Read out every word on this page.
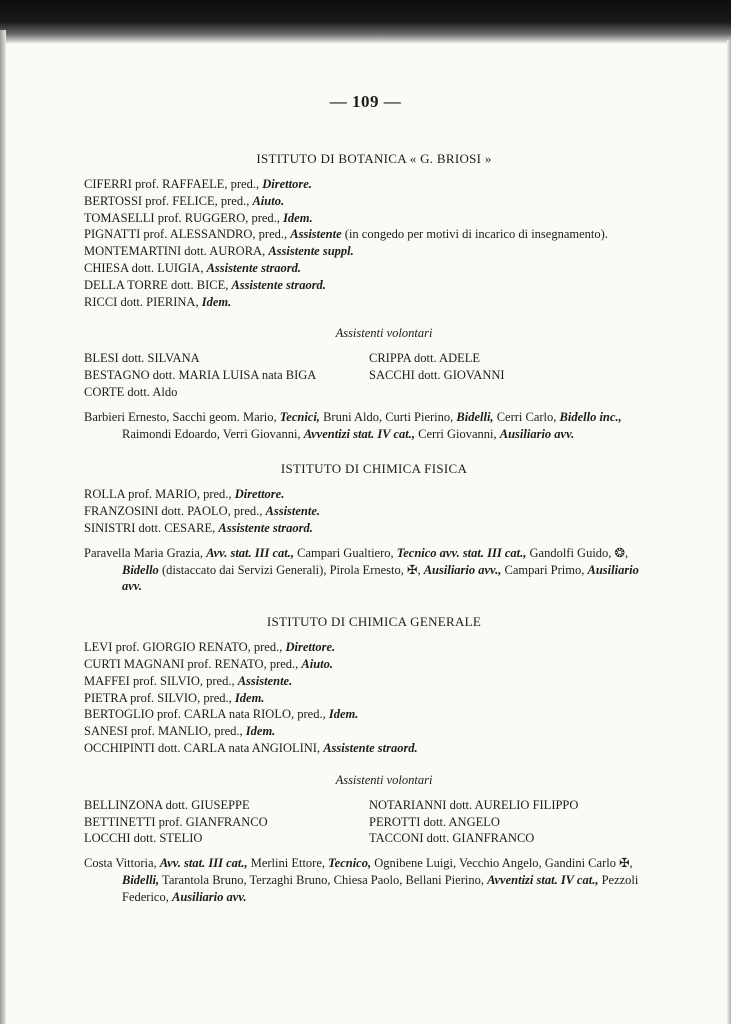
— 109 —
ISTITUTO DI BOTANICA « G. BRIOSI »
CIFERRI prof. RAFFAELE, pred., Direttore.
BERTOSSI prof. FELICE, pred., Aiuto.
TOMASELLI prof. RUGGERO, pred., Idem.
PIGNATTI prof. ALESSANDRO, pred., Assistente (in congedo per motivi di incarico di insegnamento).
MONTEMARTINI dott. AURORA, Assistente suppl.
CHIESA dott. LUIGIA, Assistente straord.
DELLA TORRE dott. BICE, Assistente straord.
RICCI dott. PIERINA, Idem.
Assistenti volontari
BLESI dott. SILVANA
BESTAGNO dott. MARIA LUISA nata BIGA
CORTE dott. Aldo
CRIPPA dott. ADELE
SACCHI dott. GIOVANNI
Barbieri Ernesto, Sacchi geom. Mario, Tecnici, Bruni Aldo, Curti Pierino, Bidelli, Cerri Carlo, Bidello inc., Raimondi Edoardo, Verri Giovanni, Avventizi stat. IV cat., Cerri Giovanni, Ausiliario avv.
ISTITUTO DI CHIMICA FISICA
ROLLA prof. MARIO, pred., Direttore.
FRANZOSINI dott. PAOLO, pred., Assistente.
SINISTRI dott. CESARE, Assistente straord.
Paravella Maria Grazia, Avv. stat. III cat., Campari Gualtiero, Tecnico avv. stat. III cat., Gandolfi Guido, ❂, Bidello (distaccato dai Servizi Generali), Pirola Ernesto, ✠, Ausiliario avv., Campari Primo, Ausiliario avv.
ISTITUTO DI CHIMICA GENERALE
LEVI prof. GIORGIO RENATO, pred., Direttore.
CURTI MAGNANI prof. RENATO, pred., Aiuto.
MAFFEI prof. SILVIO, pred., Assistente.
PIETRA prof. SILVIO, pred., Idem.
BERTOGLIO prof. CARLA nata RIOLO, pred., Idem.
SANESI prof. MANLIO, pred., Idem.
OCCHIPINTI dott. CARLA nata ANGIOLINI, Assistente straord.
Assistenti volontari
BELLINZONA dott. GIUSEPPE
BETTINETTI prof. GIANFRANCO
LOCCHI dott. STELIO
NOTARIANNI dott. AURELIO FILIPPO
PEROTTI dott. ANGELO
TACCONI dott. GIANFRANCO
Costa Vittoria, Avv. stat. III cat., Merlini Ettore, Tecnico, Ognibene Luigi, Vecchio Angelo, Gandini Carlo ✠, Bidelli, Tarantola Bruno, Terzaghi Bruno, Chiesa Paolo, Bellani Pierino, Avventizi stat. IV cat., Pezzoli Federico, Ausiliario avv.
